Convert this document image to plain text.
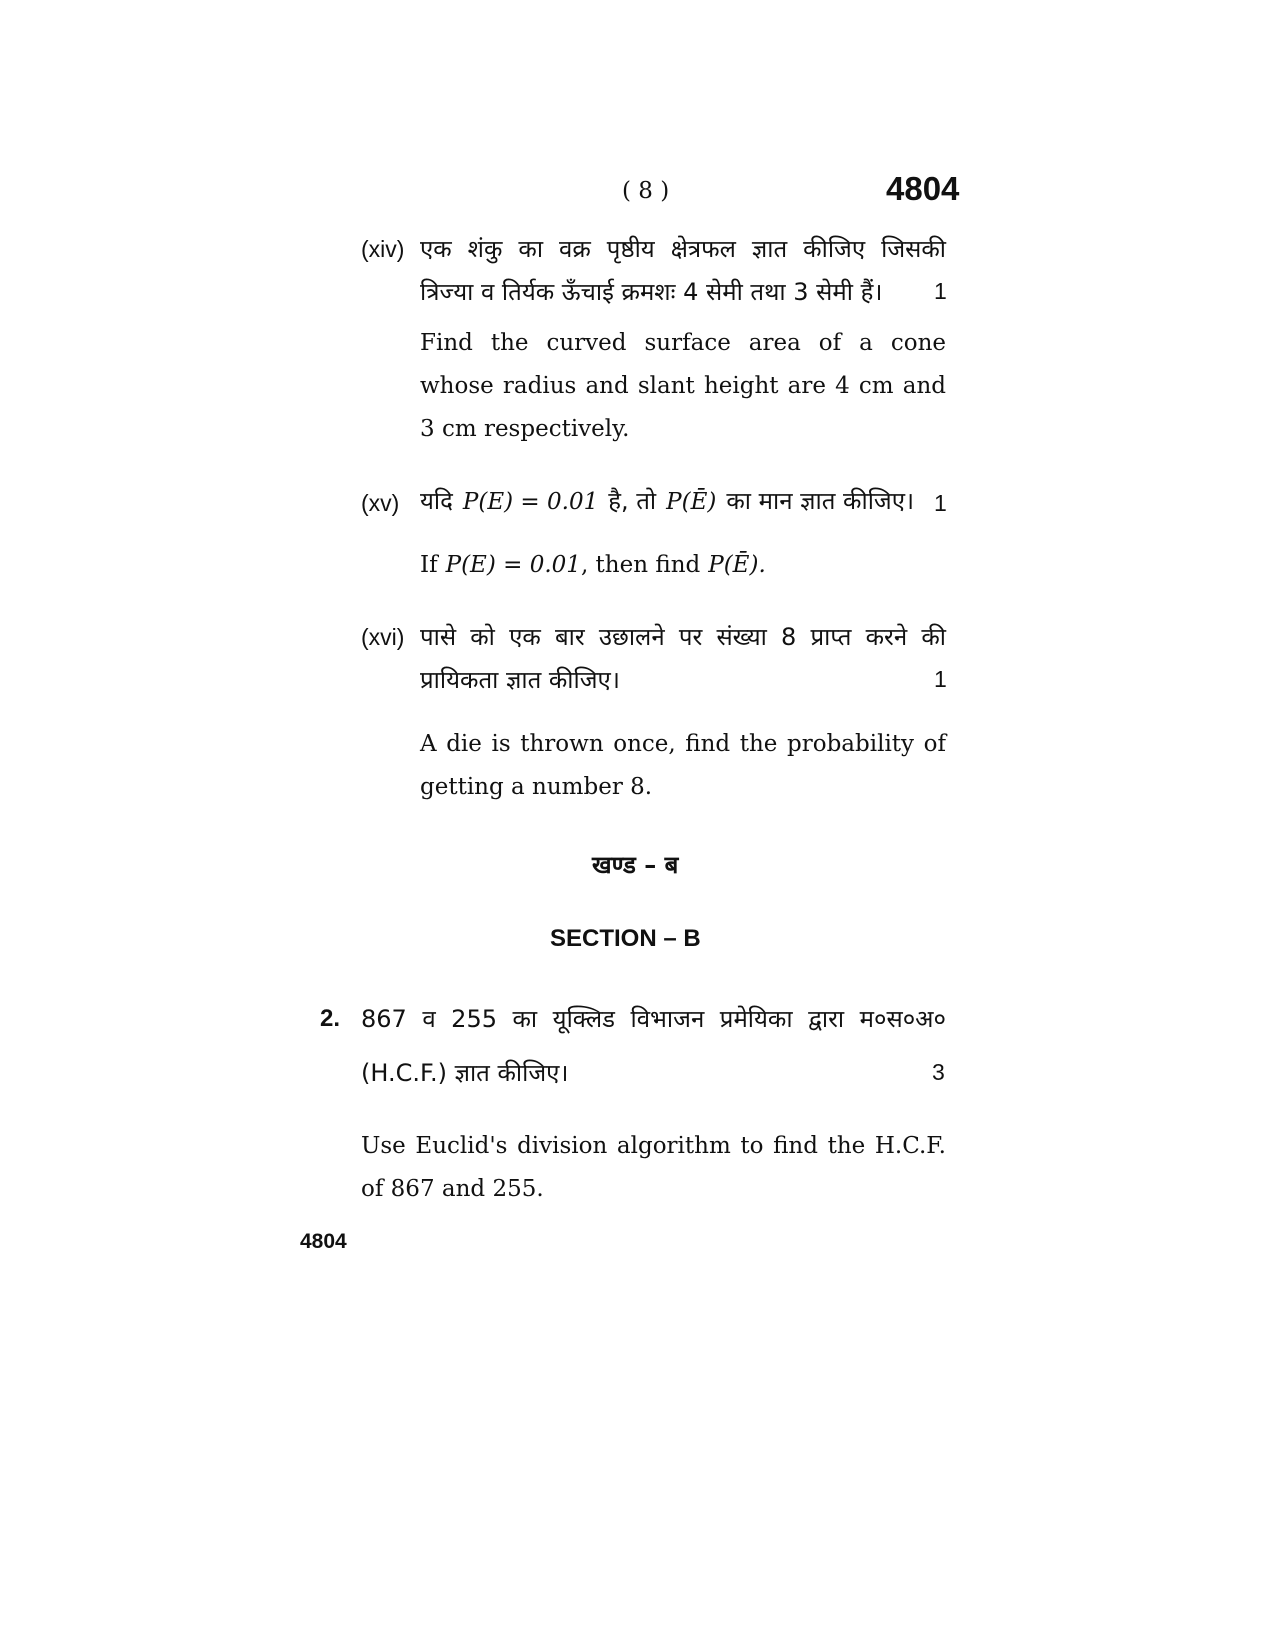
( 8 )	4804
(xiv) एक शंकु का वक्र पृष्ठीय क्षेत्रफल ज्ञात कीजिए जिसकी
त्रिज्या व तिर्यक ऊँचाई क्रमशः 4 सेमी तथा 3 सेमी हैं। 1
Find the curved surface area of a cone
whose radius and slant height are 4 cm and
3 cm respectively.
(xv) यदि P(E) = 0.01 है, तो P(Ē) का मान ज्ञात कीजिए। 1
If P(E) = 0.01 , then find P(Ē).
(xvi) पासे को एक बार उछालने पर संख्या 8 प्राप्त करने की
प्रायिकता ज्ञात कीजिए।	1
A die is thrown once, find the probability of
getting a number 8.
खण्ड – ब
SECTION – B
2. 867 व 255 का यूक्लिड विभाजन प्रमेयिका द्वारा म०स०अ०
(H.C.F.) ज्ञात कीजिए।	3
Use Euclid's division algorithm to find the H.C.F.
of 867 and 255.
4804
